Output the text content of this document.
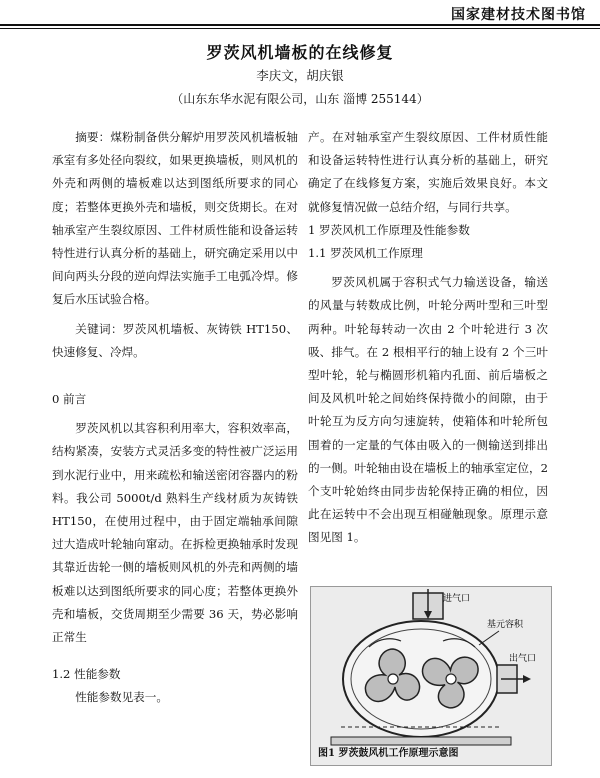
国家建材技术图书馆
罗茨风机墙板的在线修复
李庆文，胡庆银
（山东东华水泥有限公司，山东 淄博 255144）

摘要：煤粉制备供分解炉用罗茨风机墙板轴承室有多处径向裂纹，如果更换墙板，则风机的外壳和两侧的墙板难以达到图纸所要求的同心度；若整体更换外壳和墙板，则交货期长。在对轴承室产生裂纹原因、工件材质性能和设备运转特性进行认真分析的基础上，研究确定采用以中间向两头分段的逆向焊法实施手工电弧冷焊。修复后水压试验合格。

关键词：罗茨风机墙板、灰铸铁 HT150、快速修复、冷焊。

0 前言

罗茨风机以其容积利用率大，容积效率高，结构紧凑，安装方式灵活多变的特性被广泛运用到水泥行业中，用来疏松和输送密闭容器内的粉料。我公司 5000t/d 熟料生产线材质为灰铸铁 HT150，在使用过程中，由于固定端轴承间隙过大造成叶轮轴向窜动。在拆检更换轴承时发现其靠近齿轮一侧的墙板则风机的外壳和两侧的墙板难以达到图纸所要求的同心度；若整体更换外壳和墙板，交货周期至少需要 36 天，势必影响正常生

1.2 性能参数

性能参数见表一。

产。在对轴承室产生裂纹原因、工件材质性能和设备运转特性进行认真分析的基础上，研究确定了在线修复方案，实施后效果良好。本文就修复情况做一总结介绍，与同行共享。

1 罗茨风机工作原理及性能参数

1.1 罗茨风机工作原理

罗茨风机属于容积式气力输送设备，输送的风量与转数成比例，叶轮分两叶型和三叶型两种。叶轮每转动一次由 2 个叶轮进行 3 次吸、排气。在 2 根相平行的轴上设有 2 个三叶型叶轮，轮与椭圆形机箱内孔面、前后墙板之间及风机叶轮之间始终保持微小的间隙，由于叶轮互为反方向匀速旋转，使箱体和叶轮所包围着的一定量的气体由吸入的一侧输送到排出的一侧。叶轮轴由设在墙板上的轴承室定位，2 个支叶轮始终由同步齿轮保持正确的相位，因此在运转中不会出现互相碰触现象。原理示意图见图 1。

进气口
基元容积
出气口
图1 罗茨鼓风机工作原理示意图
